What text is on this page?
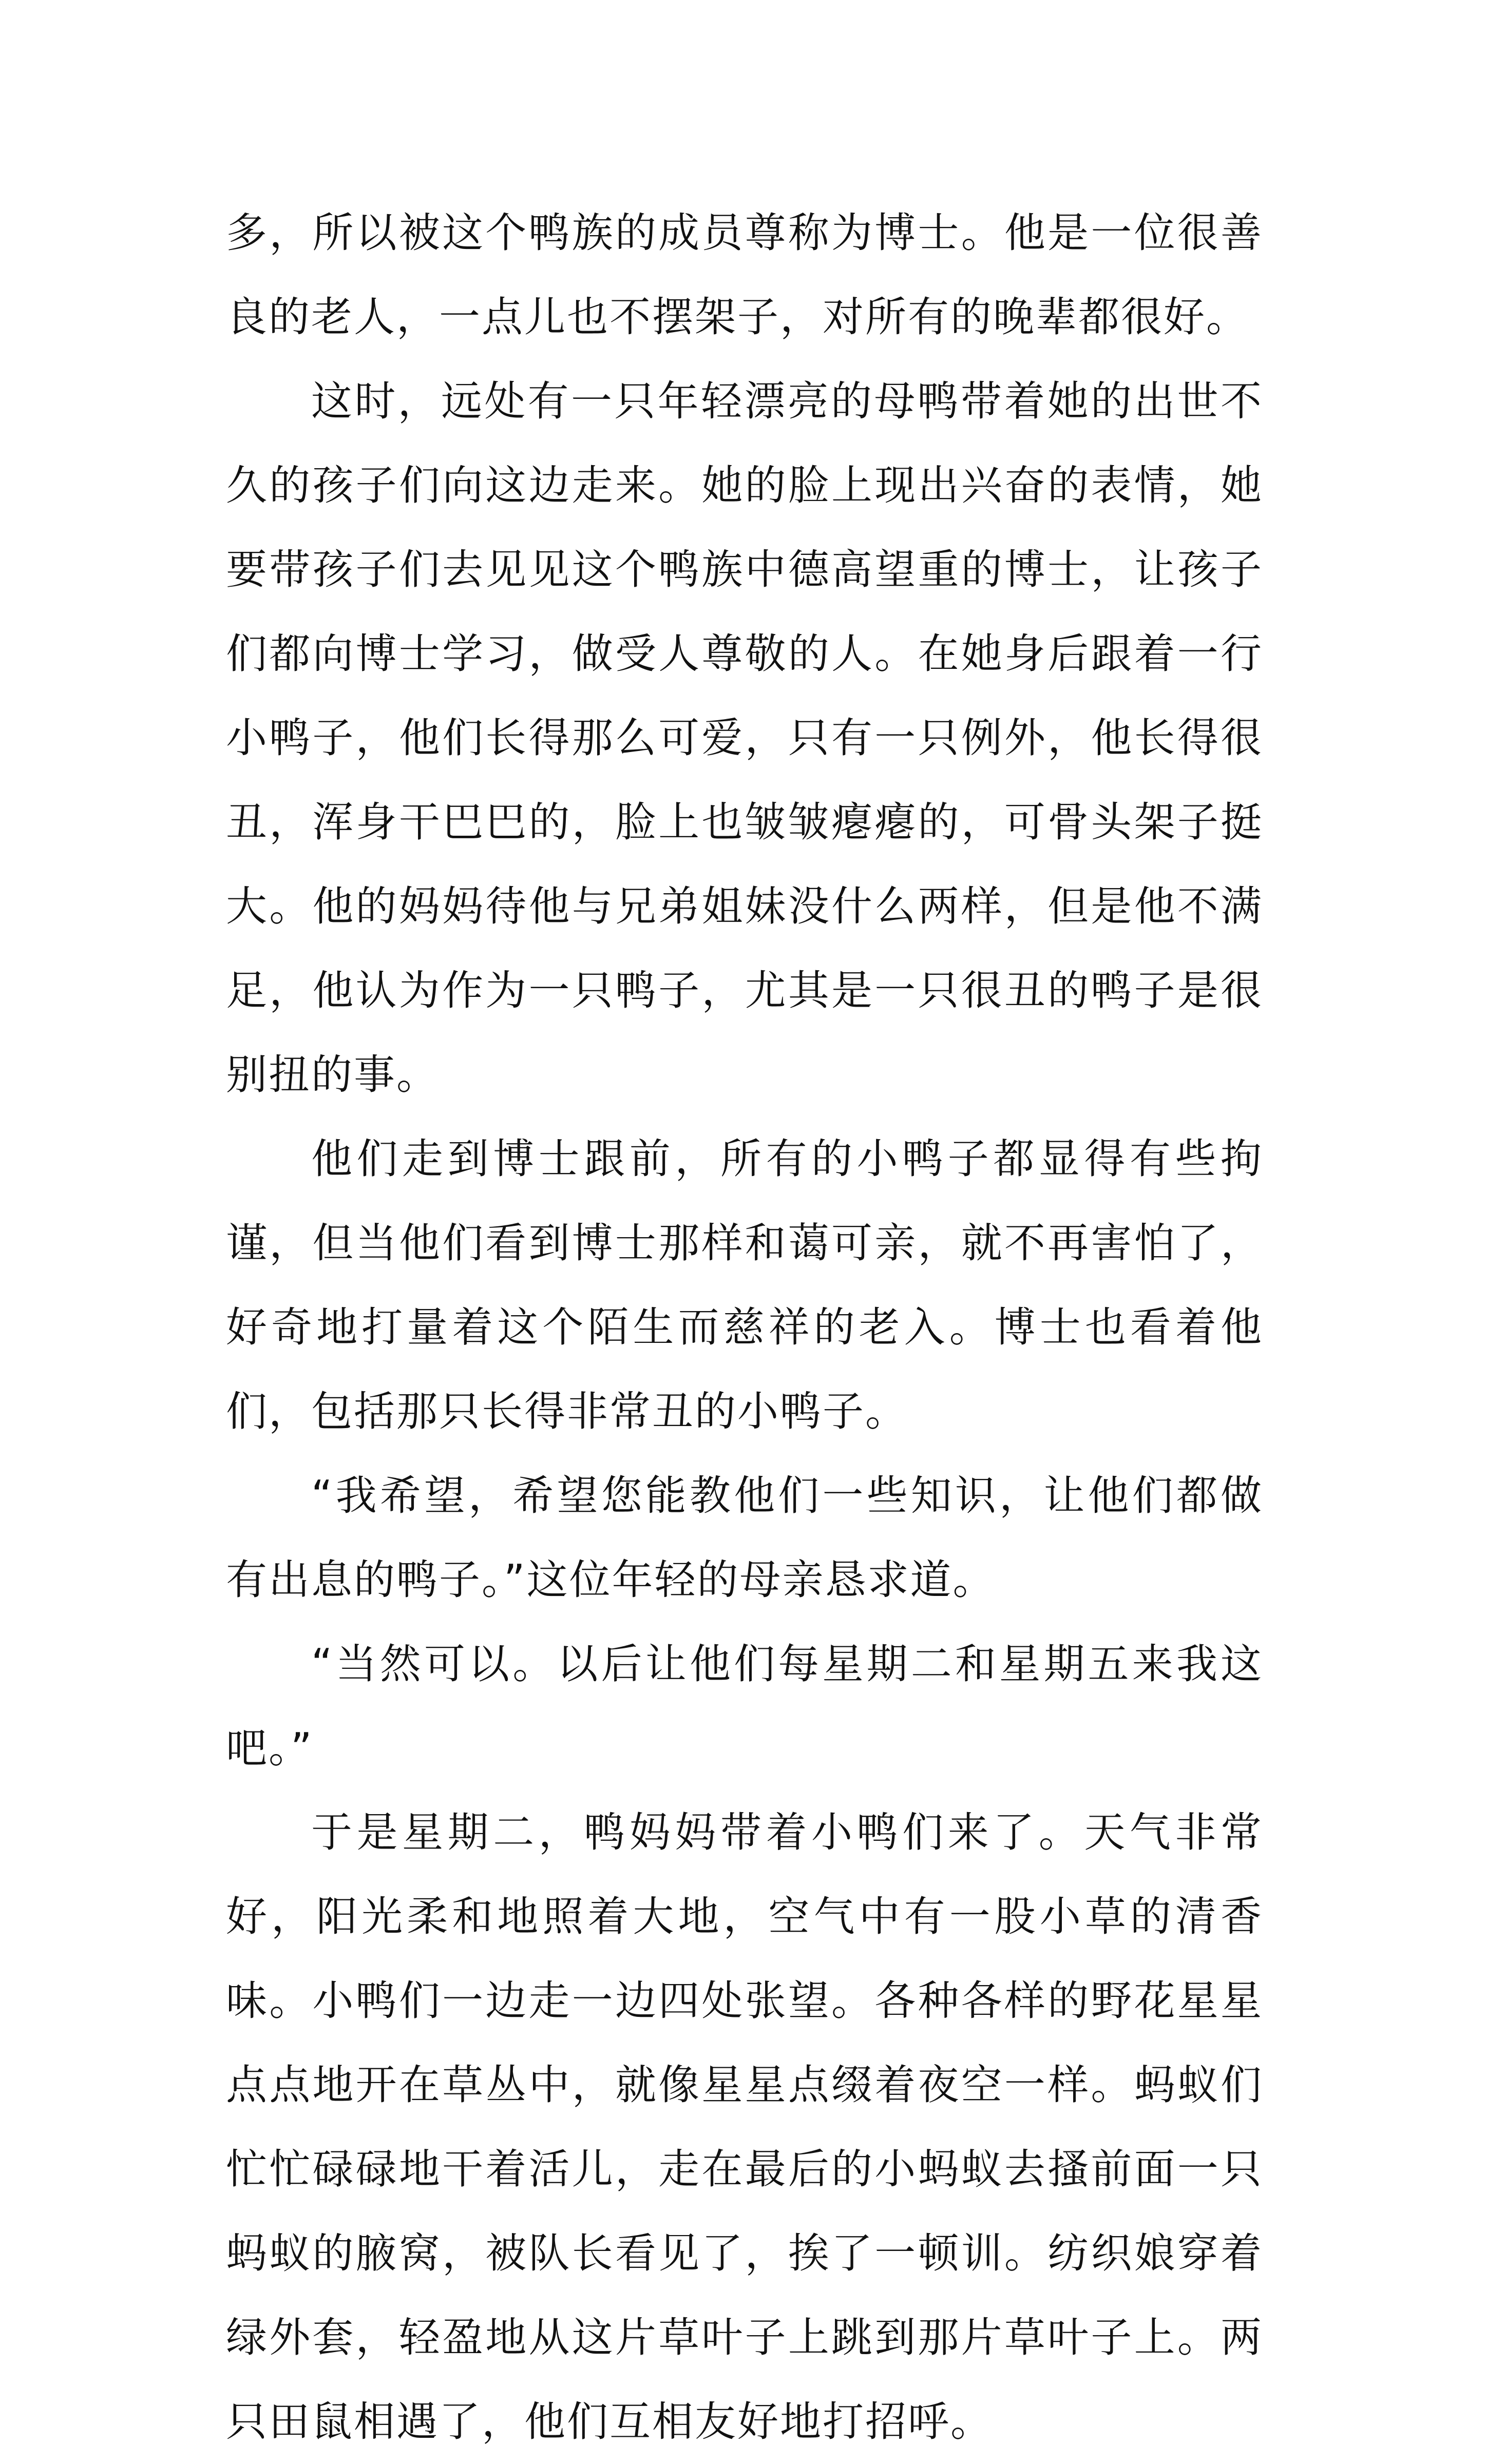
多，所以被这个鸭族的成员尊称为博士。他是一位很善良的老人，一点儿也不摆架子，对所有的晚辈都很好。

这时，远处有一只年轻漂亮的母鸭带着她的出世不久的孩子们向这边走来。她的脸上现出兴奋的表情，她要带孩子们去见见这个鸭族中德高望重的博士，让孩子们都向博士学习，做受人尊敬的人。在她身后跟着一行小鸭子，他们长得那么可爱，只有一只例外，他长得很丑，浑身干巴巴的，脸上也皱皱瘪瘪的，可骨头架子挺大。他的妈妈待他与兄弟姐妹没什么两样，但是他不满足，他认为作为一只鸭子，尤其是一只很丑的鸭子是很别扭的事。

他们走到博士跟前，所有的小鸭子都显得有些拘谨，但当他们看到博士那样和蔼可亲，就不再害怕了，好奇地打量着这个陌生而慈祥的老入。博士也看着他们，包括那只长得非常丑的小鸭子。

“我希望，希望您能教他们一些知识，让他们都做有出息的鸭子。”这位年轻的母亲恳求道。

“当然可以。以后让他们每星期二和星期五来我这吧。”

于是星期二，鸭妈妈带着小鸭们来了。天气非常好，阳光柔和地照着大地，空气中有一股小草的清香味。小鸭们一边走一边四处张望。各种各样的野花星星点点地开在草丛中，就像星星点缀着夜空一样。蚂蚁们忙忙碌碌地干着活儿，走在最后的小蚂蚁去搔前面一只蚂蚁的腋窝，被队长看见了，挨了一顿训。纺织娘穿着绿外套，轻盈地从这片草叶子上跳到那片草叶子上。两只田鼠相遇了，他们互相友好地打招呼。
